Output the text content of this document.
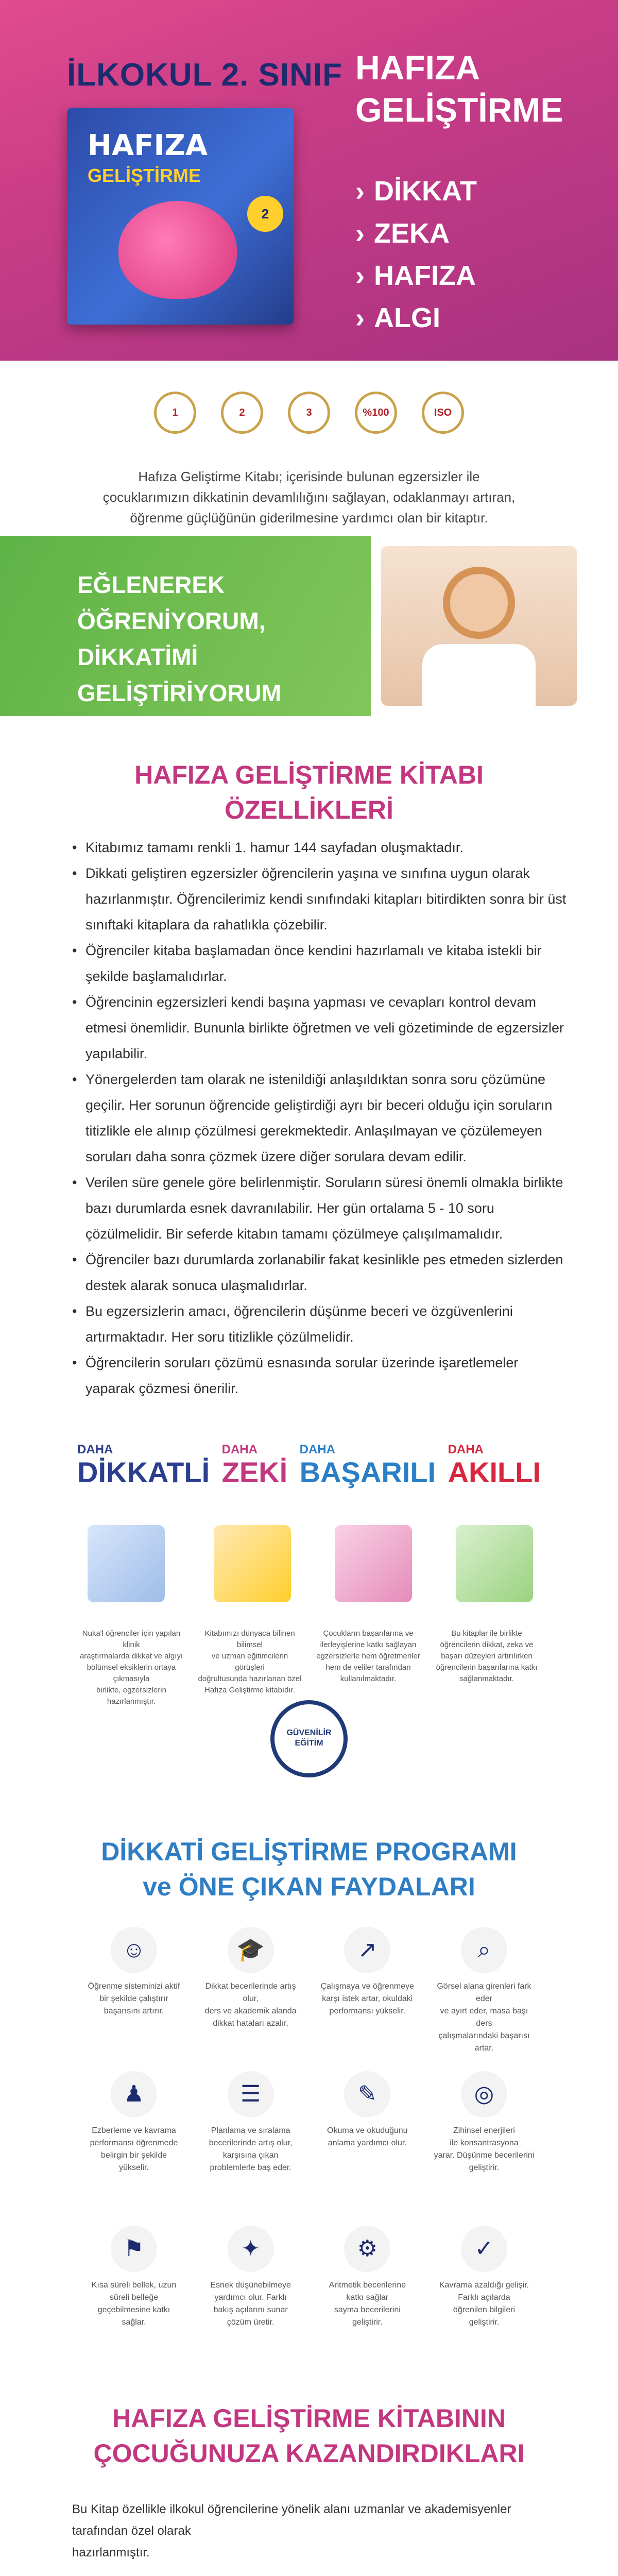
İLKOKUL 2. SINIF
HAFIZA
GELİŞTİRME
2
HAFIZA
GELİŞTİRME
› DİKKAT
› ZEKA
› HAFIZA
› ALGI
1	2	3	%100	ISO
Hafıza Geliştirme Kitabı; içerisinde bulunan egzersizler ile
çocuklarımızın dikkatinin devamlılığını sağlayan, odaklanmayı artıran,
öğrenme güçlüğünün giderilmesine yardımcı olan bir kitaptır.
EĞLENEREK
ÖĞRENİYORUM,
DİKKATİMİ
GELİŞTİRİYORUM
HAFIZA GELİŞTİRME KİTABI
ÖZELLİKLERİ
• Kitabımız tamamı renkli 1. hamur 144 sayfadan oluşmaktadır.
• Dikkati geliştiren egzersizler öğrencilerin yaşına ve sınıfına uygun olarak hazırlanmıştır. Öğrencilerimiz kendi sınıfındaki kitapları bitirdikten sonra bir üst sınıftaki kitaplara da rahatlıkla çözebilir.
• Öğrenciler kitaba başlamadan önce kendini hazırlamalı ve kitaba istekli bir şekilde başlamalıdırlar.
• Öğrencinin egzersizleri kendi başına yapması ve cevapları kontrol devam etmesi önemlidir. Bununla birlikte öğretmen ve veli gözetiminde de egzersizler yapılabilir.
• Yönergelerden tam olarak ne istenildiği anlaşıldıktan sonra soru çözümüne geçilir. Her sorunun öğrencide geliştirdiği ayrı bir beceri olduğu için soruların titizlikle ele alınıp çözülmesi gerekmektedir. Anlaşılmayan ve çözülemeyen soruları daha sonra çözmek üzere diğer sorulara devam edilir.
• Verilen süre genele göre belirlenmiştir. Soruların süresi önemli olmakla birlikte bazı durumlarda esnek davranılabilir. Her gün ortalama 5 - 10 soru çözülmelidir. Bir seferde kitabın tamamı çözülmeye çalışılmamalıdır.
• Öğrenciler bazı durumlarda zorlanabilir fakat kesinlikle pes etmeden sizlerden destek alarak sonuca ulaşmalıdırlar.
• Bu egzersizlerin amacı, öğrencilerin düşünme beceri ve özgüvenlerini artırmaktadır. Her soru titizlikle çözülmelidir.
• Öğrencilerin soruları çözümü esnasında sorular üzerinde işaretlemeler yaparak çözmesi önerilir.
DAHA
DİKKATLİ
DAHA
ZEKİ
DAHA
BAŞARILI
DAHA
AKILLI
Nuka'l öğrenciler için yapılan klinik
araştırmalarda dikkat ve algıyı
bölümsel eksiklerin ortaya çıkmasıyla
birlikte, egzersizlerin hazırlanmıştır.
Kitabımızı dünyaca bilinen bilimsel
ve uzman eğitimcilerin görüşleri
doğrultusunda hazırlanan özel
Hafıza Geliştirme kitabıdır.
Çocukların başarılarına ve
ilerleyişlerine katkı sağlayan
egzersizlerle hem öğretmenler
hem de veliler tarafından
kullanılmaktadır.
Bu kitaplar ile birlikte
öğrencilerin dikkat, zeka ve
başarı düzeyleri artırılırken
öğrencilerin başarılarına katkı
sağlanmaktadır.
GÜVENİLİR
EĞİTİM
DİKKATİ GELİŞTİRME PROGRAMI
ve ÖNE ÇIKAN FAYDALARI
☺
Öğrenme sisteminizi aktif
bir şekilde çalıştırır
başarısını artırır.
🎓
Dikkat becerilerinde artış olur,
ders ve akademik alanda
dikkat hataları azalır.
↗
Çalışmaya ve öğrenmeye
karşı istek artar, okuldaki
performansı yükselir.
⌕
Görsel alana girenleri fark eder
ve ayırt eder, masa başı ders
çalışmalarındaki başarısı artar.
♟
Ezberleme ve kavrama
performansı öğrenmede
belirgin bir şekilde
yükselir.
☰
Planlama ve sıralama
becerilerinde artış olur,
karşısına çıkan
problemlerle baş eder.
✎
Okuma ve okuduğunu
anlama yardımcı olur.
◎
Zihinsel enerjileri
ile konsantrasyona
yarar. Düşünme becerilerini
geliştirir.
⚑
Kısa süreli bellek, uzun
süreli belleğe
geçebilmesine katkı
sağlar.
✦
Esnek düşünebilmeye
yardımcı olur. Farklı
bakış açılarını sunar
çözüm üretir.
⚙
Aritmetik becerilerine
katkı sağlar
sayma becerilerini
geliştirir.
✓
Kavrama azaldığı gelişir.
Farklı açılarda
öğrenilen bilgileri
geliştirir.
HAFIZA GELİŞTİRME KİTABININ
ÇOCUĞUNUZA KAZANDIRDIKLARI
Bu Kitap özellikle ilkokul öğrencilerine yönelik alanı uzmanlar ve akademisyenler tarafından özel olarak
hazırlanmıştır.
